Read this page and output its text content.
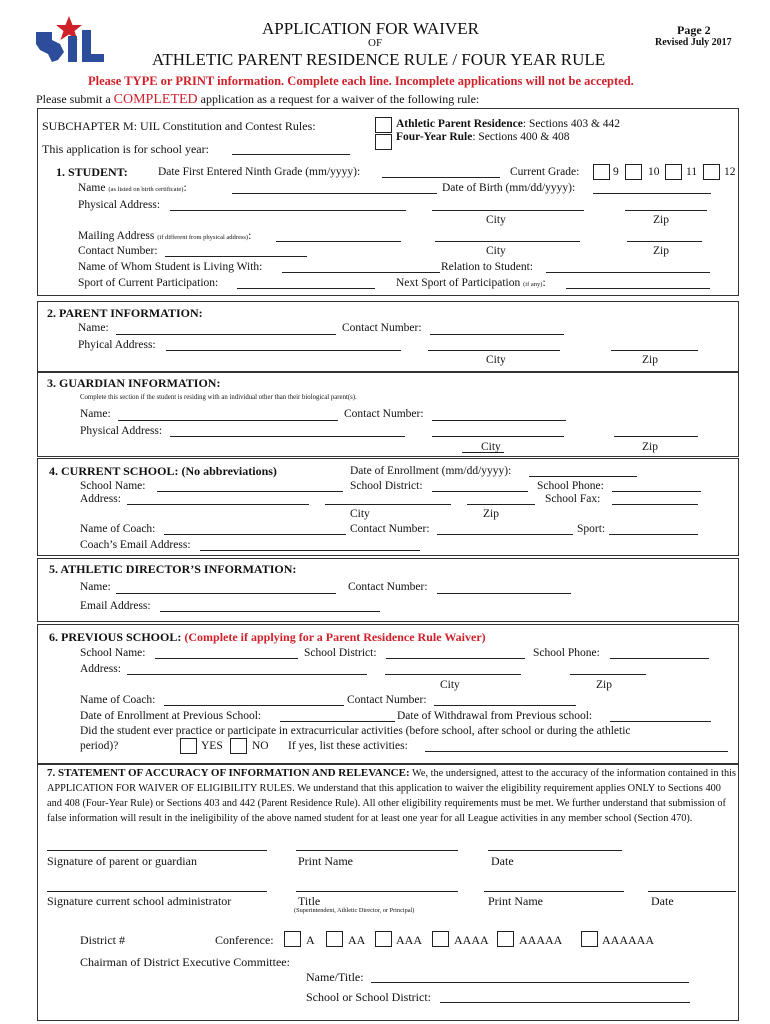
APPLICATION FOR WAIVER
OF
ATHLETIC PARENT RESIDENCE RULE / FOUR YEAR RULE
Page 2
Revised July 2017
Please TYPE or PRINT information. Complete each line. Incomplete applications will not be accepted.
Please submit a COMPLETED application as a request for a waiver of the following rule:
SUBCHAPTER M: UIL Constitution and Contest Rules:	Athletic Parent Residence: Sections 403 & 442
Four-Year Rule: Sections 400 & 408
This application is for school year:
1. STUDENT:	Date First Entered Ninth Grade (mm/yyyy):	Current Grade:	9	10 11 12
Name (as listed on birth certificate):	Date of Birth (mm/dd/yyyy):
Physical Address:
City	Zip
Mailing Address (if different from physical address):
Contact Number:	City	Zip
Name of Whom Student is Living With:	Relation to Student:
Sport of Current Participation:	Next Sport of Participation (if any):
2. PARENT INFORMATION:
Name:	Contact Number:
Phyical Address:
City	Zip
3. GUARDIAN INFORMATION:
Complete this section if the student is residing with an individual other than their biological parent(s).
Name:	Contact Number:
Physical Address:
City	Zip
4. CURRENT SCHOOL: (No abbreviations)	Date of Enrollment (mm/dd/yyyy):
School Name:	School District:	School Phone:
Address:	School Fax:
City	Zip
Name of Coach:	Contact Number:	Sport:
Coach’s Email Address:
5. ATHLETIC DIRECTOR’S INFORMATION:
Name:	Contact Number:
Email Address:
6. PREVIOUS SCHOOL: (Complete if applying for a Parent Residence Rule Waiver)
School Name:	School District:	School Phone:
Address:
City	Zip
Name of Coach:	Contact Number:
Date of Enrollment at Previous School:	Date of Withdrawal from Previous school:
Did the student ever practice or participate in extracurricular activities (before school, after school or during the athletic
period)?	YES	NO If yes, list these activities:
7. STATEMENT OF ACCURACY OF INFORMATION AND RELEVANCE: We, the undersigned, attest to the accuracy of the information contained in this APPLICATION FOR WAIVER OF ELIGIBILITY RULES. We understand that this application to waiver the eligibility requirement applies ONLY to Sections 400 and 408 (Four-Year Rule) or Sections 403 and 442 (Parent Residence Rule). All other eligibility requirements must be met. We further understand that submission of false information will result in the ineligibility of the above named student for at least one year for all League activities in any member school (Section 470).
Signature of parent or guardian	Print Name	Date
Signature current school administrator	Title
(Superintendent, Athletic Director, or Principal)
Print Name	Date
District #	Conference:	A	AA	AAA	AAAA	AAAAA	AAAAAA
Chairman of District Executive Committee:
Name/Title:
School or School District:
